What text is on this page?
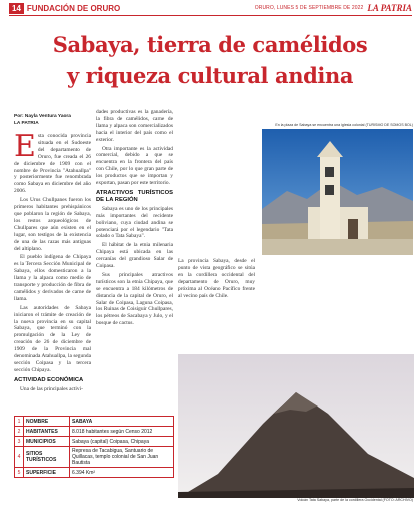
14 FUNDACIÓN DE ORURO	ORURO, LUNES 5 DE SEPTIEMBRE DE 2022 LA PATRIA
Sabaya, tierra de camélidos
y riqueza cultural andina
Por: Nayla Ventura Yaora
LA PATRIA

Esta conocida provincia situada en el Sudoeste del departamento de Oruro, fue creada el 26 de diciembre de 1909 con el nombre de Provincia "Atahuallpa" y posteriormente fue renombrada como Sabaya en diciembre del año 2006.

Los Urus Chullpanes fueron los primeros habitantes prehispánicos que poblaron la región de Sabaya, los restos arqueológicos de Chullpares que aún existen en el lugar, son testigos de la existencia de una de las razas más antiguas del altiplano.

El pueblo indígena de Chipaya es la Tercera Sección Municipal de Sabaya, ellos domesticaron a la llama y la alpaca como medio de transporte y producción de fibra de camélidos y derivados de carne de llama.

Las autoridades de Sabaya iniciaron el trámite de creación de la nueva provincia en su capital Sabaya, que terminó con la promulgación de la Ley de creación de 26 de diciembre de 1909 de la Provincia mal denominada Atahuallpa, la segunda sección Coipasa y la tercera sección Chipaya.

ACTIVIDAD ECONÓMICA

Una de las principales activi-

dades productivas es la ganadería, la fibra de camélidos, carne de llama y alpaca son comercializados hacia el interior del país como el exterior.

Otra importante es la actividad comercial, debido a que se encuentra en la frontera del país con Chile, por lo que gran parte de los productos que se importan y exportan, pasan por este territorio.

ATRACTIVOS TURÍSTICOS DE LA REGIÓN

Sabaya es uno de los principales más importantes del recidente boliviano, cuya ciudad andina se potenciará por el legendario "Tata solado o Tata Sabaya".

El hábitat de la etnia milenaria Chipaya está ubicada en las cercanías del grandioso Salar de Coipasa.

Sus principales atractivos turísticos son la etnia Chipaya, que se encuentra a 184 kilómetros de distancia de la capital de Oruro, el Salar de Coipasa, Laguna Coipasa, los Ruinas de Coisiguir Chullpares, los pétreos de Sacabaya y Julo, y el bosque de cactus.

La provincia Sabaya, desde el punto de vista geográfico se sitúa en la cordillera occidental del departamento de Oruro, muy próxima al Océano Pacífico frente al vecino país de Chile.

En la plaza de Sabaya se encuentra una iglesia colonial (TURISMO DE SOMOS BOL)
Volcán Tata Sabaya, parte de la cordillera Occidental (FOTO: ARCHIVO)
1	NOMBRE	SABAYA
2	HABITANTES	8.018 habitantes según Censo 2012
3	MUNICIPIOS	Sabaya (capital) Coipasa, Chipaya
4	SITIOS TURÍSTICOS	Represa de Tacabigua, Santuario de Quillacas, templo colonial de San Juan Bautista
5	SUPERFICIE	6.394 Km²
